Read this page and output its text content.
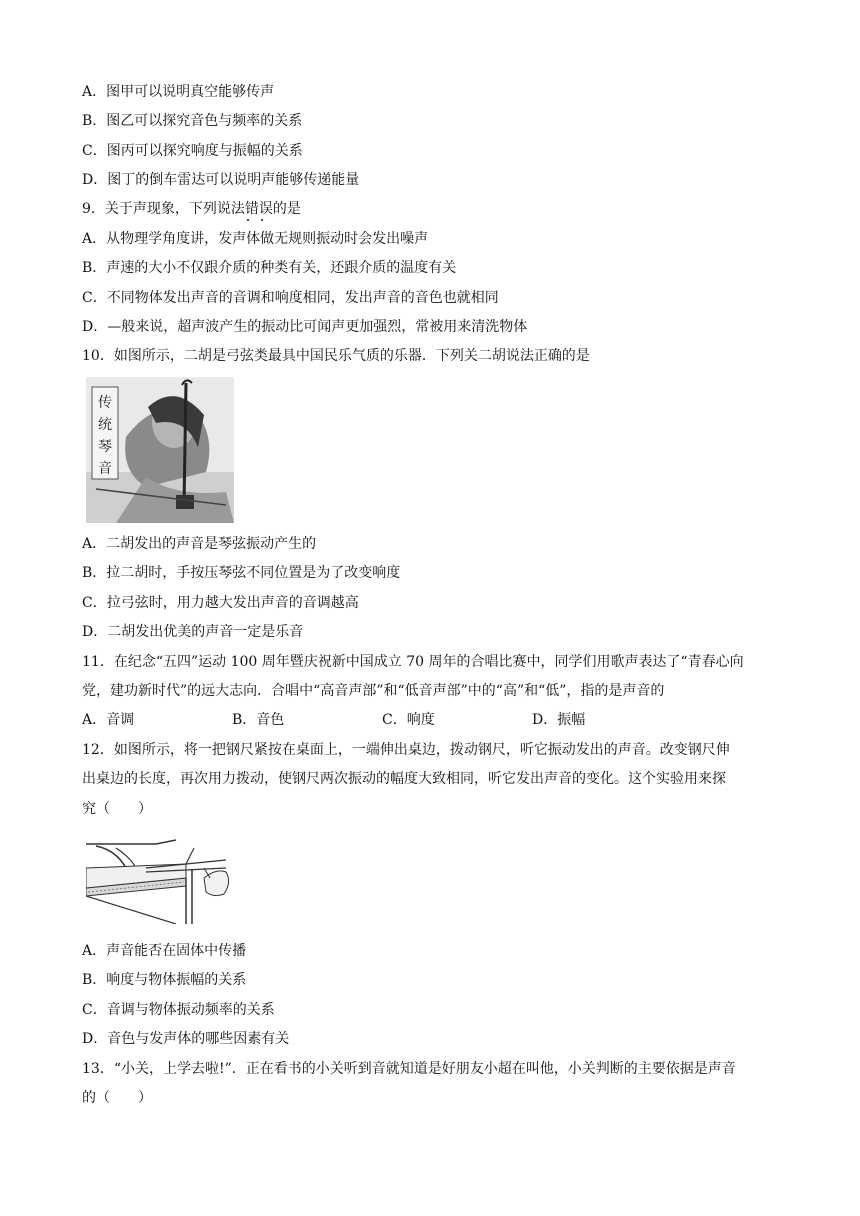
A．图甲可以说明真空能够传声
B．图乙可以探究音色与频率的关系
C．图丙可以探究响度与振幅的关系
D．图丁的倒车雷达可以说明声能够传递能量
9．关于声现象，下列说法错误的是
A．从物理学角度讲，发声体做无规则振动时会发出噪声
B．声速的大小不仅跟介质的种类有关，还跟介质的温度有关
C．不同物体发出声音的音调和响度相同，发出声音的音色也就相同
D．—般来说，超声波产生的振动比可闻声更加强烈，常被用来清洗物体
10．如图所示，二胡是弓弦类最具中国民乐气质的乐器．下列关二胡说法正确的是
传
统
琴
音
A．二胡发出的声音是琴弦振动产生的
B．拉二胡时，手按压琴弦不同位置是为了改变响度
C．拉弓弦时，用力越大发出声音的音调越高
D．二胡发出优美的声音一定是乐音
11．在纪念“五四”运动 100 周年暨庆祝新中国成立 70 周年的合唱比赛中，同学们用歌声表达了“青春心向
党，建功新时代”的远大志向．合唱中“高音声部”和“低音声部”中的“高”和“低”，指的是声音的
A．音调	B．音色	C．响度	D．振幅
12．如图所示，将一把钢尺紧按在桌面上，一端伸出桌边，拨动钢尺，听它振动发出的声音。改变钢尺伸
出桌边的长度，再次用力拨动，使钢尺两次振动的幅度大致相同，听它发出声音的变化。这个实验用来探
究（　　）
A．声音能否在固体中传播
B．响度与物体振幅的关系
C．音调与物体振动频率的关系
D．音色与发声体的哪些因素有关
13．“小关，上学去啦!”．正在看书的小关听到音就知道是好朋友小超在叫他，小关判断的主要依据是声音
的（　　）
